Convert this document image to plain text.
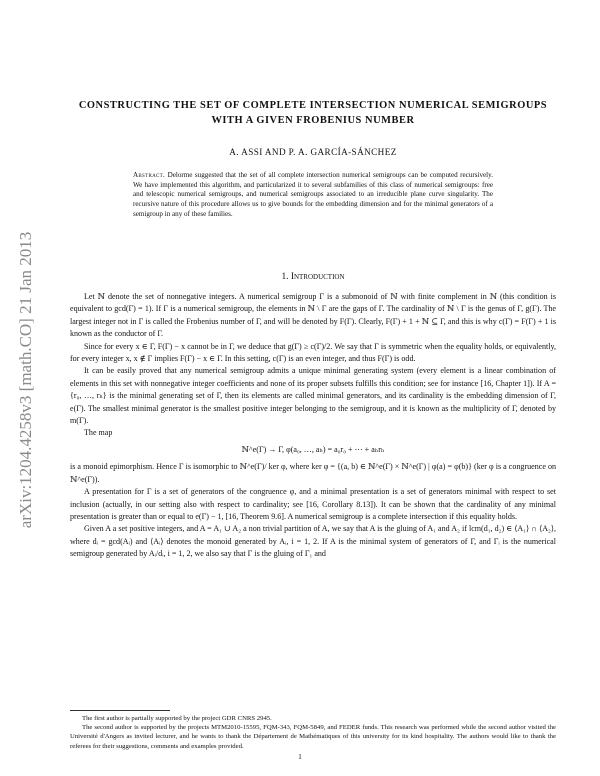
arXiv:1204.4258v3 [math.CO] 21 Jan 2013
CONSTRUCTING THE SET OF COMPLETE INTERSECTION NUMERICAL SEMIGROUPS WITH A GIVEN FROBENIUS NUMBER
A. ASSI AND P. A. GARCÍA-SÁNCHEZ
Abstract. Delorme suggested that the set of all complete intersection numerical semigroups can be computed recursively. We have implemented this algorithm, and particularized it to several subfamilies of this class of numerical semigroups: free and telescopic numerical semigroups, and numerical semigroups associated to an irreducible plane curve singularity. The recursive nature of this procedure allows us to give bounds for the embedding dimension and for the minimal generators of a semigroup in any of these families.
1. Introduction

Let ℕ denote the set of nonnegative integers. A numerical semigroup Γ is a submonoid of ℕ with finite complement in ℕ (this condition is equivalent to gcd(Γ) = 1). If Γ is a numerical semigroup, the elements in ℕ \ Γ are the gaps of Γ. The cardinality of ℕ \ Γ is the genus of Γ, g(Γ). The largest integer not in Γ is called the Frobenius number of Γ, and will be denoted by F(Γ). Clearly, F(Γ) + 1 + ℕ ⊆ Γ, and this is why c(Γ) = F(Γ) + 1 is known as the conductor of Γ.

Since for every x ∈ Γ, F(Γ) − x cannot be in Γ, we deduce that g(Γ) ≥ c(Γ)/2. We say that Γ is symmetric when the equality holds, or equivalently, for every integer x, x ∉ Γ implies F(Γ) − x ∈ Γ. In this setting, c(Γ) is an even integer, and thus F(Γ) is odd.

It can be easily proved that any numerical semigroup admits a unique minimal generating system (every element is a linear combination of elements in this set with nonnegative integer coefficients and none of its proper subsets fulfills this condition; see for instance [16, Chapter 1]). If A = {r₀, …, rₕ} is the minimal generating set of Γ, then its elements are called minimal generators, and its cardinality is the embedding dimension of Γ, e(Γ). The smallest minimal generator is the smallest positive integer belonging to the semigroup, and it is known as the multiplicity of Γ, denoted by m(Γ).

The map

ℕ^e(Γ) → Γ, φ(a₀, …, aₕ) = a₀r₀ + ⋯ + aₕrₕ

is a monoid epimorphism. Hence Γ is isomorphic to ℕ^e(Γ)/ ker φ, where ker φ = {(a, b) ∈ ℕ^e(Γ) × ℕ^e(Γ) | φ(a) = φ(b)} (ker φ is a congruence on ℕ^e(Γ)).

A presentation for Γ is a set of generators of the congruence φ, and a minimal presentation is a set of generators minimal with respect to set inclusion (actually, in our setting also with respect to cardinality; see [16, Corollary 8.13]). It can be shown that the cardinality of any minimal presentation is greater than or equal to e(Γ) − 1, [16, Theorem 9.6]. A numerical semigroup is a complete intersection if this equality holds.

Given A a set positive integers, and A = A₁ ∪ A₂ a non trivial partition of A, we say that A is the gluing of A₁ and A₂ if lcm(d₁, d₂) ∈ ⟨A₁⟩ ∩ ⟨A₂⟩, where dᵢ = gcd(Aᵢ) and ⟨Aᵢ⟩ denotes the monoid generated by Aᵢ, i = 1, 2. If A is the minimal system of generators of Γ, and Γᵢ is the numerical semigroup generated by Aᵢ/dᵢ, i = 1, 2, we also say that Γ is the gluing of Γ₁ and

The first author is partially supported by the project GDR CNRS 2945.

The second author is supported by the projects MTM2010-15595, FQM-343, FQM-5849, and FEDER funds. This research was performed while the second author visited the Université d'Angers as invited lecturer, and he wants to thank the Département de Mathématiques of this university for its kind hospitality. The authors would like to thank the referees for their suggestions, comments and examples provided.

1
